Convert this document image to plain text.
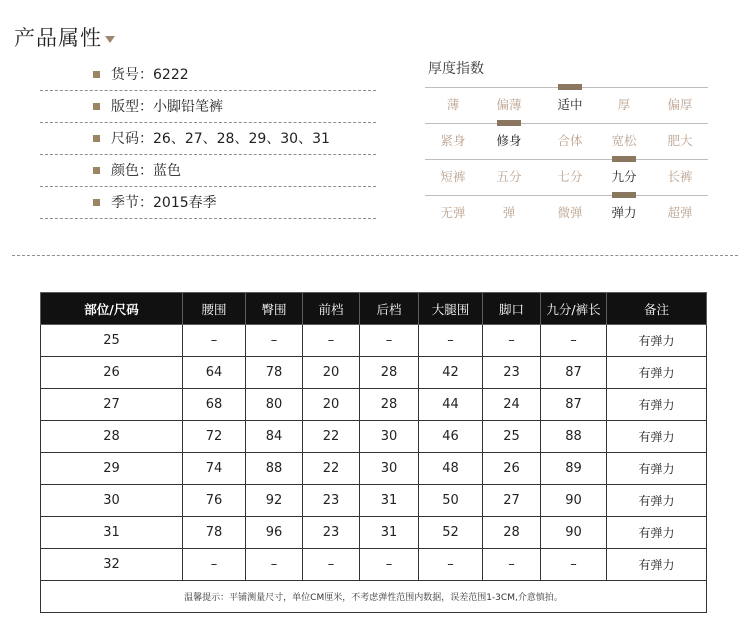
产品属性
货号：6222
版型：小脚铅笔裤
尺码：26、27、28、29、30、31
颜色：蓝色
季节：2015春季
厚度指数
薄	偏薄	适中	厚	偏厚
紧身	修身	合体	宽松	肥大
短裤	五分	七分	九分	长裤
无弹	弹	微弹	弹力	超弹
部位/尺码	腰围	臀围	前档	后档	大腿围	脚口	九分/裤长	备注
25	–	–	–	–	–	–	–	有弹力
26	64	78	20	28	42	23	87	有弹力
27	68	80	20	28	44	24	87	有弹力
28	72	84	22	30	46	25	88	有弹力
29	74	88	22	30	48	26	89	有弹力
30	76	92	23	31	50	27	90	有弹力
31	78	96	23	31	52	28	90	有弹力
32	–	–	–	–	–	–	–	有弹力
温馨提示：平铺测量尺寸，单位CM厘米，不考虑弹性范围内数据，误差范围1-3CM,介意慎拍。								
